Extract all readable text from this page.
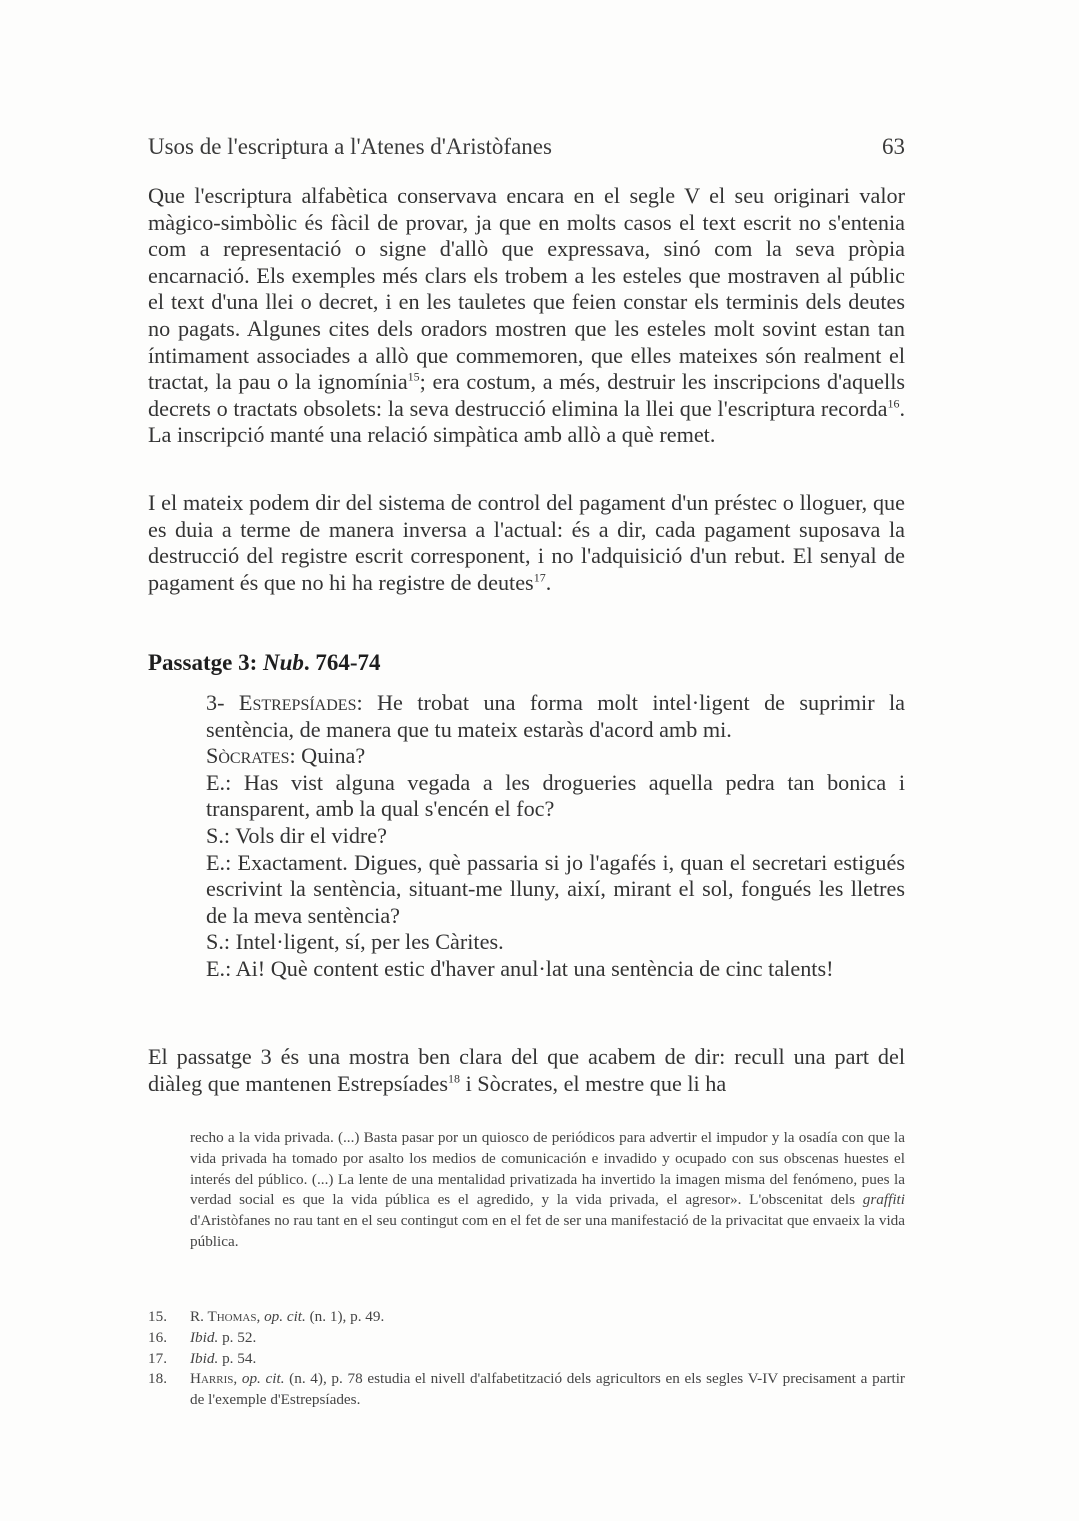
Usos de l'escriptura a l'Atenes d'Aristòfanes	63
Que l'escriptura alfabètica conservava encara en el segle V el seu originari valor màgico-simbòlic és fàcil de provar, ja que en molts casos el text escrit no s'entenia com a representació o signe d'allò que expressava, sinó com la seva pròpia encarnació. Els exemples més clars els trobem a les esteles que mostraven al públic el text d'una llei o decret, i en les tauletes que feien constar els terminis dels deutes no pagats. Algunes cites dels oradors mostren que les esteles molt sovint estan tan íntimament associades a allò que commemoren, que elles mateixes són realment el tractat, la pau o la ignomínia$^{15}$; era costum, a més, destruir les inscripcions d'aquells decrets o tractats obsolets: la seva destrucció elimina la llei que l'escriptura recorda$^{16}$. La inscripció manté una relació simpàtica amb allò a què remet.
I el mateix podem dir del sistema de control del pagament d'un préstec o lloguer, que es duia a terme de manera inversa a l'actual: és a dir, cada pagament suposava la destrucció del registre escrit corresponent, i no l'adquisició d'un rebut. El senyal de pagament és que no hi ha registre de deutes$^{17}$.
Passatge 3: Nub. 764-74

3- Estrepsíades: He trobat una forma molt intel·ligent de suprimir la sentència, de manera que tu mateix estaràs d'acord amb mi.

Sòcrates: Quina?

E.: Has vist alguna vegada a les drogueries aquella pedra tan bonica i transparent, amb la qual s'encén el foc?

S.: Vols dir el vidre?

E.: Exactament. Digues, què passaria si jo l'agafés i, quan el secretari estigués escrivint la sentència, situant-me lluny, així, mirant el sol, fongués les lletres de la meva sentència?

S.: Intel·ligent, sí, per les Càrites.

E.: Ai! Què content estic d'haver anul·lat una sentència de cinc talents!

El passatge 3 és una mostra ben clara del que acabem de dir: recull una part del diàleg que mantenen Estrepsíades$^{18}$ i Sòcrates, el mestre que li ha
recho a la vida privada. (...) Basta pasar por un quiosco de periódicos para advertir el impudor y la osadía con que la vida privada ha tomado por asalto los medios de comunicación e invadido y ocupado con sus obscenas huestes el interés del público. (...) La lente de una mentalidad privatizada ha invertido la imagen misma del fenómeno, pues la verdad social es que la vida pública es el agredido, y la vida privada, el agresor». L'obscenitat dels graffiti d'Aristòfanes no rau tant en el seu contingut com en el fet de ser una manifestació de la privacitat que envaeix la vida pública.
15.	R. Thomas, op. cit. (n. 1), p. 49.
16.	Ibid. p. 52.
17.	Ibid. p. 54.
18.	Harris, op. cit. (n. 4), p. 78 estudia el nivell d'alfabetització dels agricultors en els segles V-IV precisament a partir de l'exemple d'Estrepsíades.
